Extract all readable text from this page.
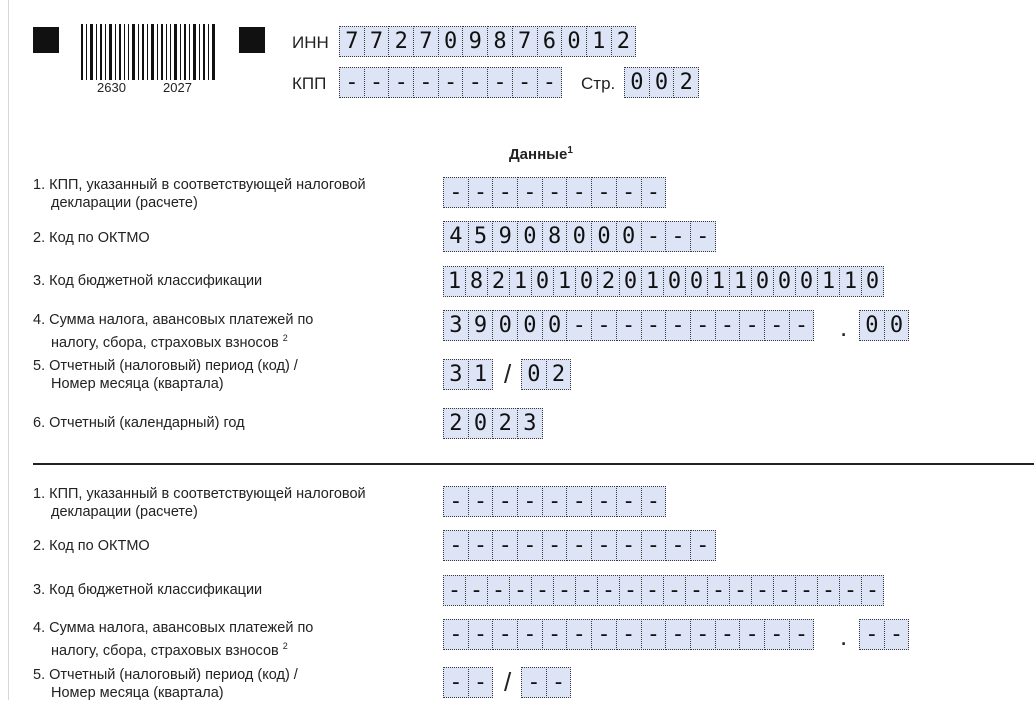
2630	2027
ИНН 7 7 2 7 0 9 8 7 6 0 1 2
КПП - - - - - - - - -	Стр. 0 0 2
Данные$^1$
1. КПП, указанный в соответствующей налоговой
декларации (расчете)	- - - - - - - - -
2. Код по ОКТМО	4 5 9 0 8 0 0 0 - - -
3. Код бюджетной классификации	1 8 2 1 0 1 0 2 0 1 0 0 1 1 0 0 0 1 1 0
4. Сумма налога, авансовых платежей по
налогу, сбора, страховых взносов $^2$	3 9 0 0 0 - - - - - - - - - - . 0 0
5. Отчетный (налоговый) период (код) /
Номер месяца (квартала)	3 1 / 0 2
6. Отчетный (календарный) год	2 0 2 3
1. КПП, указанный в соответствующей налоговой
декларации (расчете)	- - - - - - - - -
2. Код по ОКТМО	- - - - - - - - - - -
3. Код бюджетной классификации	- - - - - - - - - - - - - - - - - - - -
4. Сумма налога, авансовых платежей по
налогу, сбора, страховых взносов $^2$	- - - - - - - - - - - - - - - . - -
5. Отчетный (налоговый) период (код) /
Номер месяца (квартала)	- - / - -
